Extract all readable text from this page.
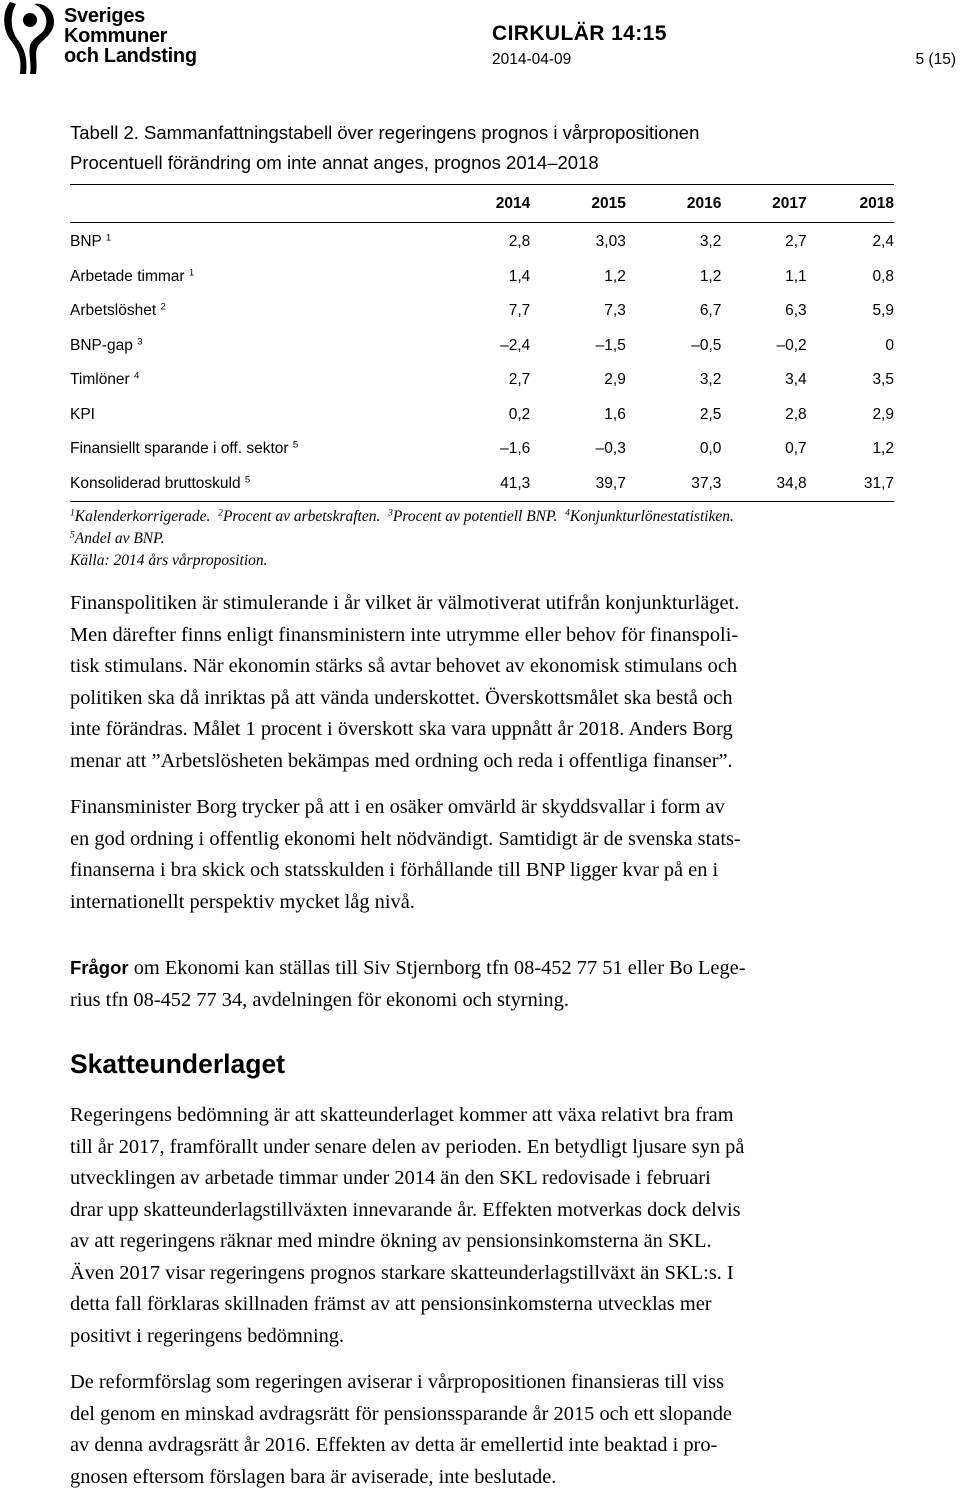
Sveriges
Kommuner
och Landsting
CIRKULÄR 14:15
2014-04-09	5 (15)
Tabell 2. Sammanfattningstabell över regeringens prognos i vårpropositionen
Procentuell förändring om inte annat anges, prognos 2014–2018
	2014	2015	2016	2017	2018
BNP $^1$	2,8	3,03	3,2	2,7	2,4
Arbetade timmar $^1$	1,4	1,2	1,2	1,1	0,8
Arbetslöshet $^2$	7,7	7,3	6,7	6,3	5,9
BNP-gap $^3$	–2,4	–1,5	–0,5	–0,2	0
Timlöner $^4$	2,7	2,9	3,2	3,4	3,5
KPI	0,2	1,6	2,5	2,8	2,9
Finansiellt sparande i off. sektor $^5$	–1,6	–0,3	0,0	0,7	1,2
Konsoliderad bruttoskuld $^5$	41,3	39,7	37,3	34,8	31,7
$^1$Kalenderkorrigerade. $^2$Procent av arbetskraften. $^3$Procent av potentiell BNP. $^4$Konjunkturlönestatistiken.
$^5$Andel av BNP.
Källa: 2014 års vårproposition.
Finanspolitiken är stimulerande i år vilket är välmotiverat utifrån konjunkturläget.
Men därefter finns enligt finansministern inte utrymme eller behov för finanspoli-
tisk stimulans. När ekonomin stärks så avtar behovet av ekonomisk stimulans och
politiken ska då inriktas på att vända underskottet. Överskottsmålet ska bestå och
inte förändras. Målet 1 procent i överskott ska vara uppnått år 2018. Anders Borg
menar att ”Arbetslösheten bekämpas med ordning och reda i offentliga finanser”.
Finansminister Borg trycker på att i en osäker omvärld är skyddsvallar i form av
en god ordning i offentlig ekonomi helt nödvändigt. Samtidigt är de svenska stats-
finanserna i bra skick och statsskulden i förhållande till BNP ligger kvar på en i
internationellt perspektiv mycket låg nivå.
Frågor om Ekonomi kan ställas till Siv Stjernborg tfn 08-452 77 51 eller Bo Lege-
rius tfn 08-452 77 34, avdelningen för ekonomi och styrning.
Skatteunderlaget
Regeringens bedömning är att skatteunderlaget kommer att växa relativt bra fram
till år 2017, framförallt under senare delen av perioden. En betydligt ljusare syn på
utvecklingen av arbetade timmar under 2014 än den SKL redovisade i februari
drar upp skatteunderlagstillväxten innevarande år. Effekten motverkas dock delvis
av att regeringens räknar med mindre ökning av pensionsinkomsterna än SKL.
Även 2017 visar regeringens prognos starkare skatteunderlagstillväxt än SKL:s. I
detta fall förklaras skillnaden främst av att pensionsinkomsterna utvecklas mer
positivt i regeringens bedömning.
De reformförslag som regeringen aviserar i vårpropositionen finansieras till viss
del genom en minskad avdragsrätt för pensionssparande år 2015 och ett slopande
av denna avdragsrätt år 2016. Effekten av detta är emellertid inte beaktad i pro-
gnosen eftersom förslagen bara är aviserade, inte beslutade.
